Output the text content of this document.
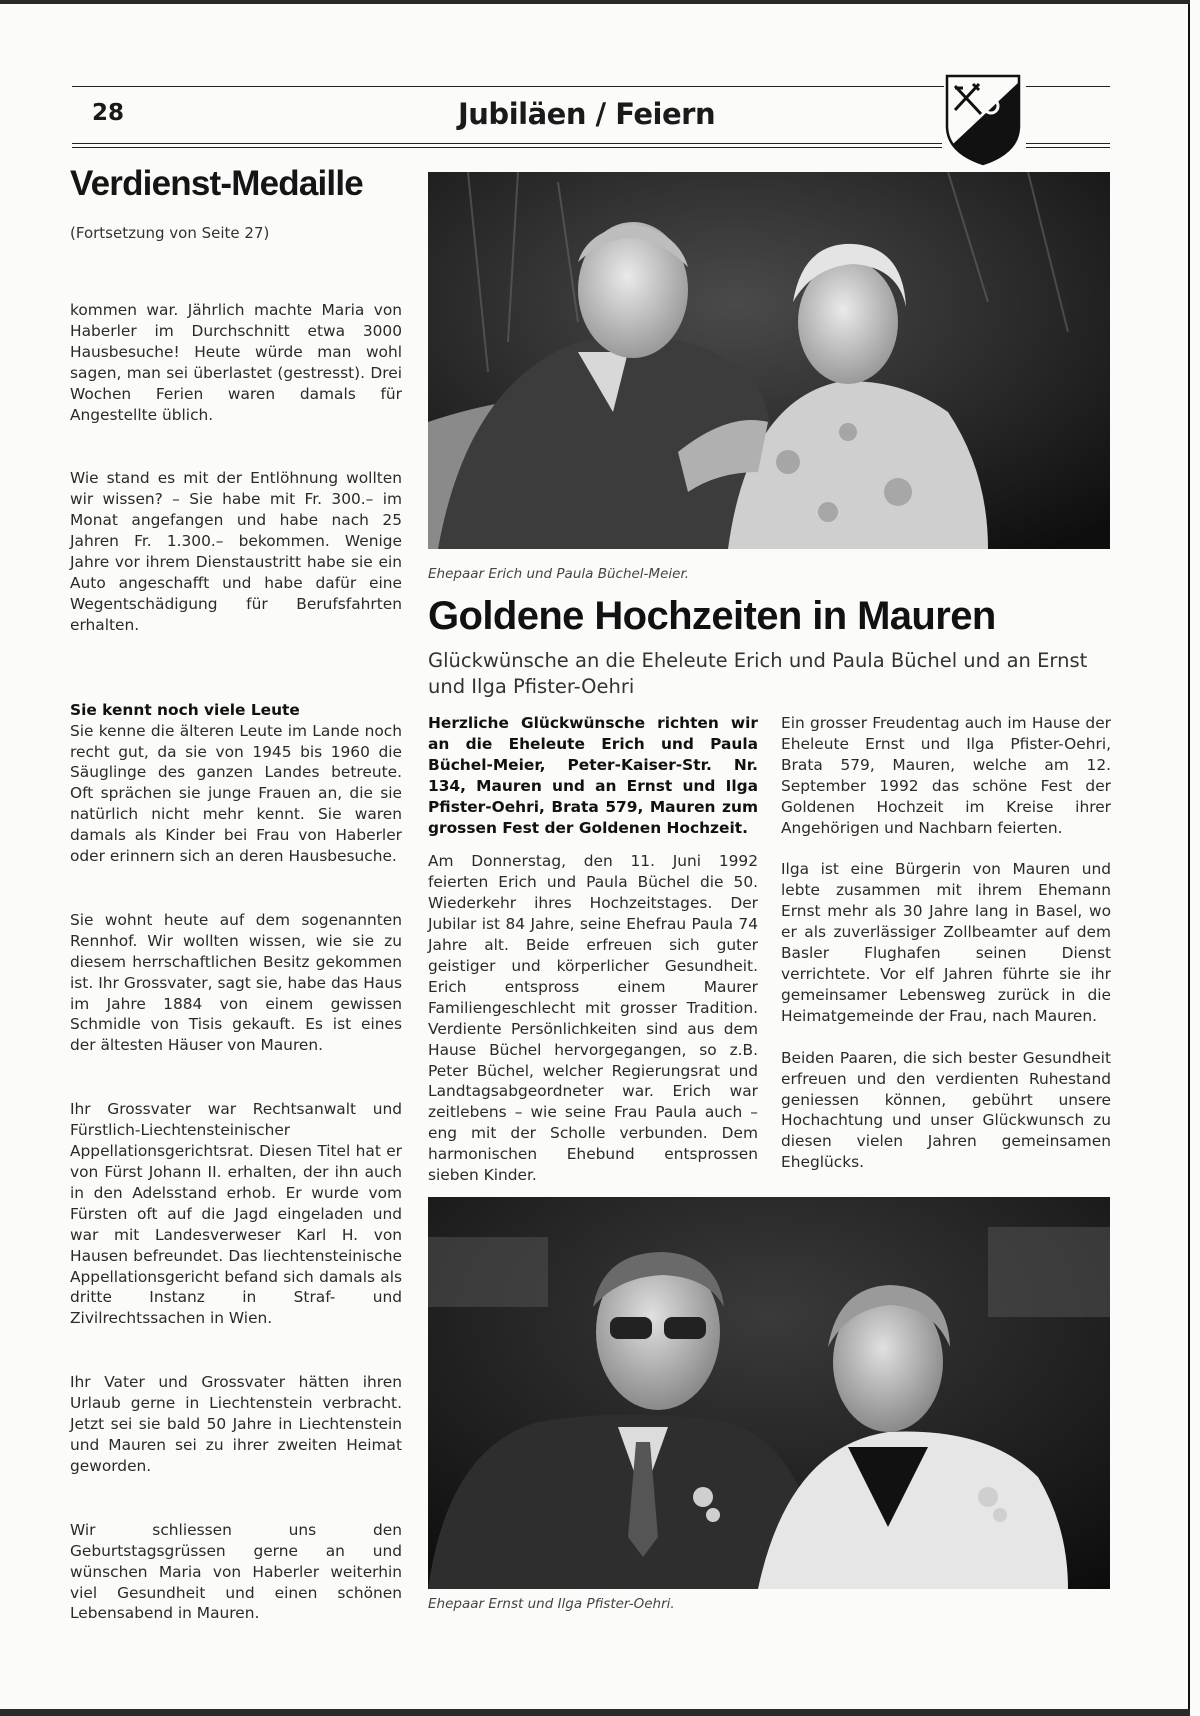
28	Jubiläen / Feiern
Verdienst-Medaille
(Fortsetzung von Seite 27)

kommen war. Jährlich machte Maria von Haberler im Durchschnitt etwa 3000 Hausbesuche! Heute würde man wohl sagen, man sei überlastet (gestresst). Drei Wochen Ferien waren damals für Angestellte üblich.

Wie stand es mit der Entlöhnung wollten wir wissen? – Sie habe mit Fr. 300.– im Monat angefangen und habe nach 25 Jahren Fr. 1.300.– bekommen. Wenige Jahre vor ihrem Dienstaustritt habe sie ein Auto angeschafft und habe dafür eine Wegentschädigung für Berufsfahrten erhalten.

Sie kennt noch viele Leute
Sie kenne die älteren Leute im Lande noch recht gut, da sie von 1945 bis 1960 die Säuglinge des ganzen Landes betreute. Oft sprächen sie junge Frauen an, die sie natürlich nicht mehr kennt. Sie waren damals als Kinder bei Frau von Haberler oder erinnern sich an deren Hausbesuche.

Sie wohnt heute auf dem sogenannten Rennhof. Wir wollten wissen, wie sie zu diesem herrschaftlichen Besitz gekommen ist. Ihr Grossvater, sagt sie, habe das Haus im Jahre 1884 von einem gewissen Schmidle von Tisis gekauft. Es ist eines der ältesten Häuser von Mauren.

Ihr Grossvater war Rechtsanwalt und Fürstlich-Liechtensteinischer Appellationsgerichtsrat. Diesen Titel hat er von Fürst Johann II. erhalten, der ihn auch in den Adelsstand erhob. Er wurde vom Fürsten oft auf die Jagd eingeladen und war mit Landesverweser Karl H. von Hausen befreundet. Das liechtensteinische Appellationsgericht befand sich damals als dritte Instanz in Straf- und Zivilrechtssachen in Wien.

Ihr Vater und Grossvater hätten ihren Urlaub gerne in Liechtenstein verbracht. Jetzt sei sie bald 50 Jahre in Liechtenstein und Mauren sei zu ihrer zweiten Heimat geworden.

Wir schliessen uns den Geburtstagsgrüssen gerne an und wünschen Maria von Haberler weiterhin viel Gesundheit und einen schönen Lebensabend in Mauren.

Ehepaar Erich und Paula Büchel-Meier.
Goldene Hochzeiten in Mauren
Glückwünsche an die Eheleute Erich und Paula Büchel und an Ernst und Ilga Pfister-Oehri

Herzliche Glückwünsche richten wir an die Eheleute Erich und Paula Büchel-Meier, Peter-Kaiser-Str. Nr. 134, Mauren und an Ernst und Ilga Pfister-Oehri, Brata 579, Mauren zum grossen Fest der Goldenen Hochzeit.

Am Donnerstag, den 11. Juni 1992 feierten Erich und Paula Büchel die 50. Wiederkehr ihres Hochzeitstages. Der Jubilar ist 84 Jahre, seine Ehefrau Paula 74 Jahre alt. Beide erfreuen sich guter geistiger und körperlicher Gesundheit. Erich entspross einem Maurer Familiengeschlecht mit grosser Tradition. Verdiente Persönlichkeiten sind aus dem Hause Büchel hervorgegangen, so z.B. Peter Büchel, welcher Regierungsrat und Landtagsabgeordneter war. Erich war zeitlebens – wie seine Frau Paula auch – eng mit der Scholle verbunden. Dem harmonischen Ehebund entsprossen sieben Kinder.

Ein grosser Freudentag auch im Hause der Eheleute Ernst und Ilga Pfister-Oehri, Brata 579, Mauren, welche am 12. September 1992 das schöne Fest der Goldenen Hochzeit im Kreise ihrer Angehörigen und Nachbarn feierten.

Ilga ist eine Bürgerin von Mauren und lebte zusammen mit ihrem Ehemann Ernst mehr als 30 Jahre lang in Basel, wo er als zuverlässiger Zollbeamter auf dem Basler Flughafen seinen Dienst verrichtete. Vor elf Jahren führte sie ihr gemeinsamer Lebensweg zurück in die Heimatgemeinde der Frau, nach Mauren.

Beiden Paaren, die sich bester Gesundheit erfreuen und den verdienten Ruhestand geniessen können, gebührt unsere Hochachtung und unser Glückwunsch zu diesen vielen Jahren gemeinsamen Eheglücks.

Ehepaar Ernst und Ilga Pfister-Oehri.
